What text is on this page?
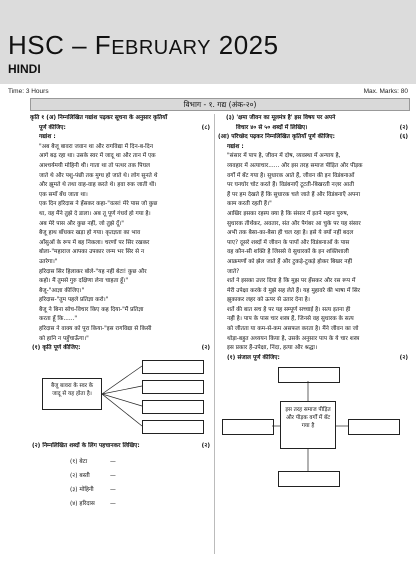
HSC – FEBRUARY 2025
HINDI
Time: 3 Hours	Max. Marks: 80
विभाग - १. गद्य (अंक-२०)
कृति १ (अ) निम्नलिखित गद्यांश पढ़कर सूचना के अनुसार कृतियाँ
पूर्ण कीजिए:	(८)
गद्यांश :
"अब बैजू बावरा जवान था और रागविद्या में दिन-ब-दिन
आगे बढ़ रहा था। उसके स्वर में जादू था और तान में एक
आश्चर्यमयी मोहिनी थी। गाता था तो पत्थर तक पिघल
जाते थे और पशु-पंछी तक मुग्ध हो जाते थे। लोग सुनते थे
और झूमते थे तथा वाह-वाह करते थे। हवा रुक जाती थी।
एक समाँ बँध जाता था।
एक दिन हरिदास ने हँसकर कहा-"वत्स! मेरे पास जो कुछ
था, वह मैंने तुझे दे डाला। अब तू पूर्ण गंधर्व हो गया है।
अब मेरे पास और कुछ नहीं, जो तुझे दूँ।"
बैजू हाथ बाँधकर खड़ा हो गया। कृतज्ञता का भाव
आँसुओं के रूप में बह निकला। चरणों पर सिर रखकर
बोला-"महाराज आपका उपकार जन्म भर सिर से न
उतरेगा।"
हरिदास सिर हिलाकर बोले-"यह नहीं बेटा! कुछ और
कहो। मैं तुमसे गुरु दक्षिणा लेना चाहता हूँ।"
बैजू-"आज्ञा कीजिए।"
हरिदास-"तुम पहले प्रतिज्ञा करो।"
बैजू ने बिना सोच-विचार किए कह दिया-"मैं प्रतिज्ञा
करता हूँ कि......"
हरिदास ने वाक्य को पूरा किया-"इस रागविद्या से किसी
को हानि न पहुँचाऊँगा।"
(१) कृति पूर्ण कीजिए:	(२)
बैजू बावरा के स्वर के जादू से यह होता है।
(२) निम्नलिखित शब्दों के लिंग पहचानकर लिखिए:	(२)
(१) बेटा	—
(२) बस्ती	—
(३) मोहिनी	—
(४) हरिदास	—
(३) 'क्षमा जीवन का मूलमंत्र है' इस विषय पर अपने
विचार ४० से ५० शब्दों में लिखिए।	(२)
(आ) परिच्छेद पढ़कर निम्नलिखित कृतियाँ पूर्ण कीजिए:	(६)
गद्यांश :
"संसार में पाप है, जीवन में दोष, व्यवस्था में अन्याय है,
व्यवहार में अत्याचार...... और इस तरह समाज पीड़ित और पीड़क
वर्गों में बँट गया है। सुधारक आते हैं, जीवन की इन विडंबनाओं
पर घनघोर चोट करते हैं। विडंबनाएँ टूटती-बिखरती नज़र आती
हैं पर हम देखते हैं कि सुधारक चले जाते हैं और विडंबनाएँ अपना
काम करती रहती हैं।"
आखिर इसका रहस्य क्या है कि संसार में इतने महान पुरुष,
सुधारक तीर्थंकर, अवतार, संत और पैगंबर आ चुके पर यह संसार
अभी तक बैसा-का-बैसा ही चल रहा है। इसे ये क्यों नहीं बदल
पाए? दूसरे शब्दों में जीवन के पापों और विडंबनाओं के पास
वह कौन-सी शक्ति है जिससे वे सुधारकों के इन शक्तिशाली
आक्रमणों को झेल जाते हैं और टुकड़े-टुकड़े होकर बिखर नहीं
जाते?
शर्त ने इसका उत्तर दिया है कि मुझ पर हँसकर और रस रूप में
मेरी उपेक्षा करके वे मुझे सह लेते हैं। यह मुहावरे की भाषा में सिर
झुकाकर लहर को ऊपर से उतार देना है।
शर्ते की बात सच है पर यह सम्पूर्ण सच्चाई है। सत्य इतना ही
नहीं है। पाप के पास चार शस्त्र हैं, जिनसे वह सुधारक के सत्य
को जीतता या कम-से-कम असफल करता है। मैंने जीवन का जो
थोड़ा-बहुत अध्ययन किया है, उसके अनुसार पाप के ये चार शस्त्र
इस प्रकार हैं-उपेक्षा, निंदा, हत्या और श्रद्धा।
(१) संजाल पूर्ण कीजिए:	(२)
इस तरह समाज पीड़ित और पीड़क वर्गों में बँट गया है
